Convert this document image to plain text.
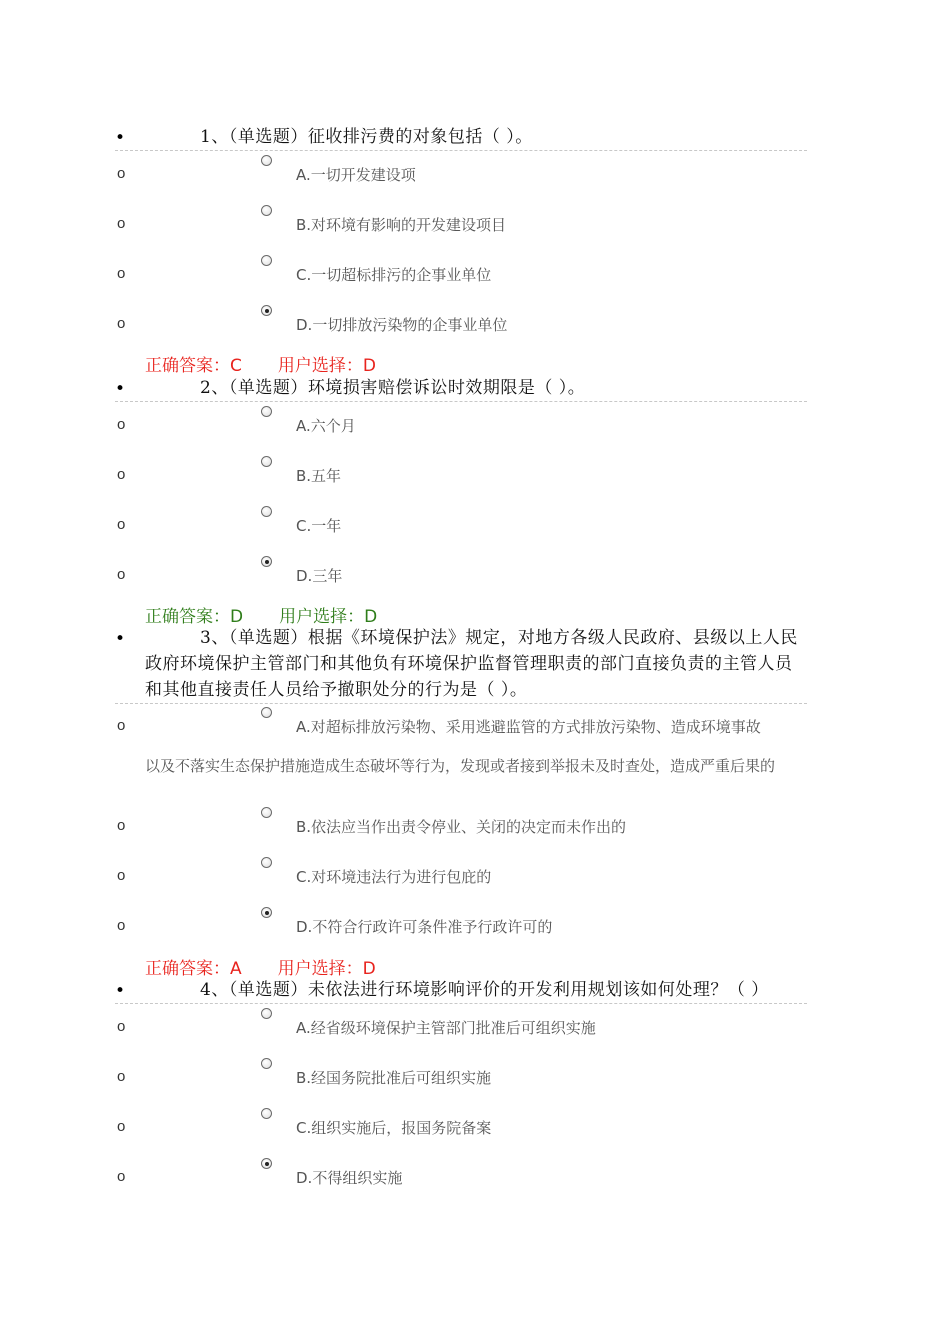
•	1、（单选题）征收排污费的对象包括（ ）。
o	A.一切开发建设项
o	B.对环境有影响的开发建设项目
o	C.一切超标排污的企事业单位
o	D.一切排放污染物的企事业单位
正确答案：C 用户选择：D
•	2、（单选题）环境损害赔偿诉讼时效期限是（ ）。
o	A.六个月
o	B.五年
o	C.一年
o	D.三年
正确答案：D 用户选择：D
•	3、（单选题）根据《环境保护法》规定，对地方各级人民政府、县级以上人民政府环境保护主管部门和其他负有环境保护监督管理职责的部门直接负责的主管人员和其他直接责任人员给予撤职处分的行为是（ ）。
o	A.对超标排放污染物、采用逃避监管的方式排放污染物、造成环境事故
以及不落实生态保护措施造成生态破坏等行为，发现或者接到举报未及时查处，造成严重后果的
o	B.依法应当作出责令停业、关闭的决定而未作出的
o	C.对环境违法行为进行包庇的
o	D.不符合行政许可条件准予行政许可的
正确答案：A 用户选择：D
•	4、（单选题）未依法进行环境影响评价的开发利用规划该如何处理？（ ）
o	A.经省级环境保护主管部门批准后可组织实施
o	B.经国务院批准后可组织实施
o	C.组织实施后，报国务院备案
o	D.不得组织实施
